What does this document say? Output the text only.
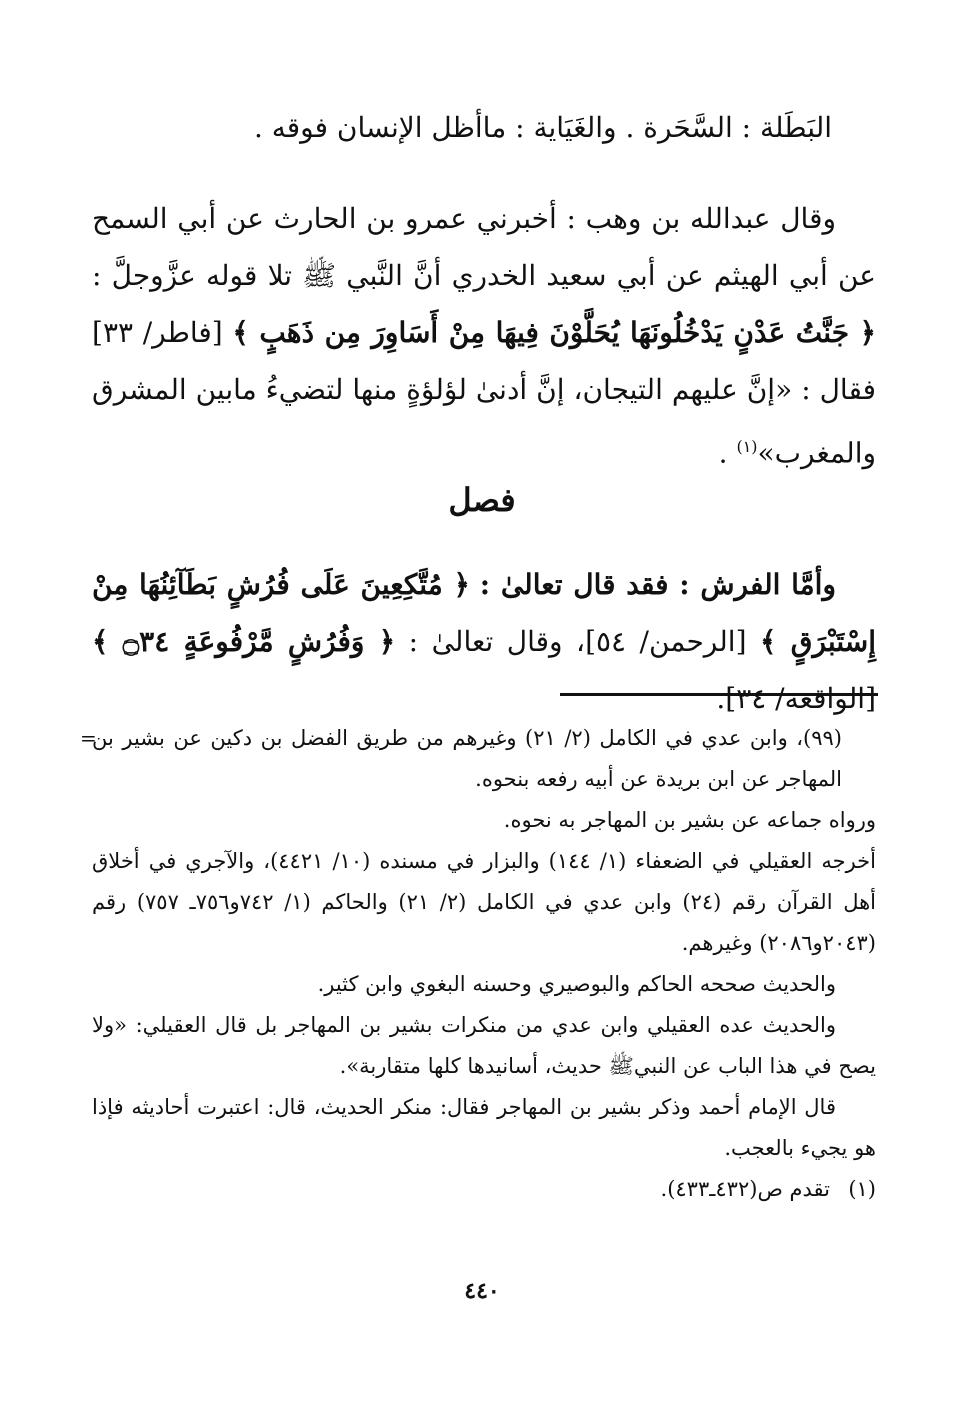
البَطَلة : السَّحَرة . والغَيَاية : ماأظل الإنسان فوقه .
وقال عبدالله بن وهب : أخبرني عمرو بن الحارث عن أبي السمح عن أبي الهيثم عن أبي سعيد الخدري أنَّ النَّبي ﷺ تلا قوله عزَّوجلَّ : ﴿ جَنَّتُ عَدْنٍ يَدْخُلُونَهَا يُحَلَّوْنَ فِيهَا مِنْ أَسَاوِرَ مِن ذَهَبٍ ﴾ [فاطر/ ٣٣] فقال : «إنَّ عليهم التيجان، إنَّ أدنىٰ لؤلؤةٍ منها لتضيءُ مابين المشرق والمغرب»$^{(١)}$ .
فصل
وأمَّا الفرش : فقد قال تعالىٰ : ﴿ مُتَّكِعِينَ عَلَى فُرُشٍ بَطَآئِنُهَا مِنْ إِسْتَبْرَقٍ ﴾ [الرحمن/ ٥٤]، وقال تعالىٰ : ﴿ وَفُرُشٍ مَّرْفُوعَةٍ ۝٣٤ ﴾ [الواقعة/ ٣٤].
=

(٩٩)، وابن عدي في الكامل (٢/ ٢١) وغيرهم من طريق الفضل بن دكين عن بشير بن المهاجر عن ابن بريدة عن أبيه رفعه بنحوه.

ورواه جماعه عن بشير بن المهاجر به نحوه.

أخرجه العقيلي في الضعفاء (١/ ١٤٤) والبزار في مسنده (١٠/ ٤٤٢١)، والآجري في أخلاق أهل القرآن رقم (٢٤) وابن عدي في الكامل (٢/ ٢١) والحاكم (١/ ٧٤٢و٧٥٦ـ ٧٥٧) رقم (٢٠٤٣و٢٠٨٦) وغيرهم.

والحديث صححه الحاكم والبوصيري وحسنه البغوي وابن كثير.

والحديث عده العقيلي وابن عدي من منكرات بشير بن المهاجر بل قال العقيلي: «ولا يصح في هذا الباب عن النبيﷺ حديث، أسانيدها كلها متقاربة».

قال الإمام أحمد وذكر بشير بن المهاجر فقال: منكر الحديث، قال: اعتبرت أحاديثه فإذا هو يجيء بالعجب.

(١)تقدم ص(٤٣٢ـ٤٣٣).

٤٤٠
